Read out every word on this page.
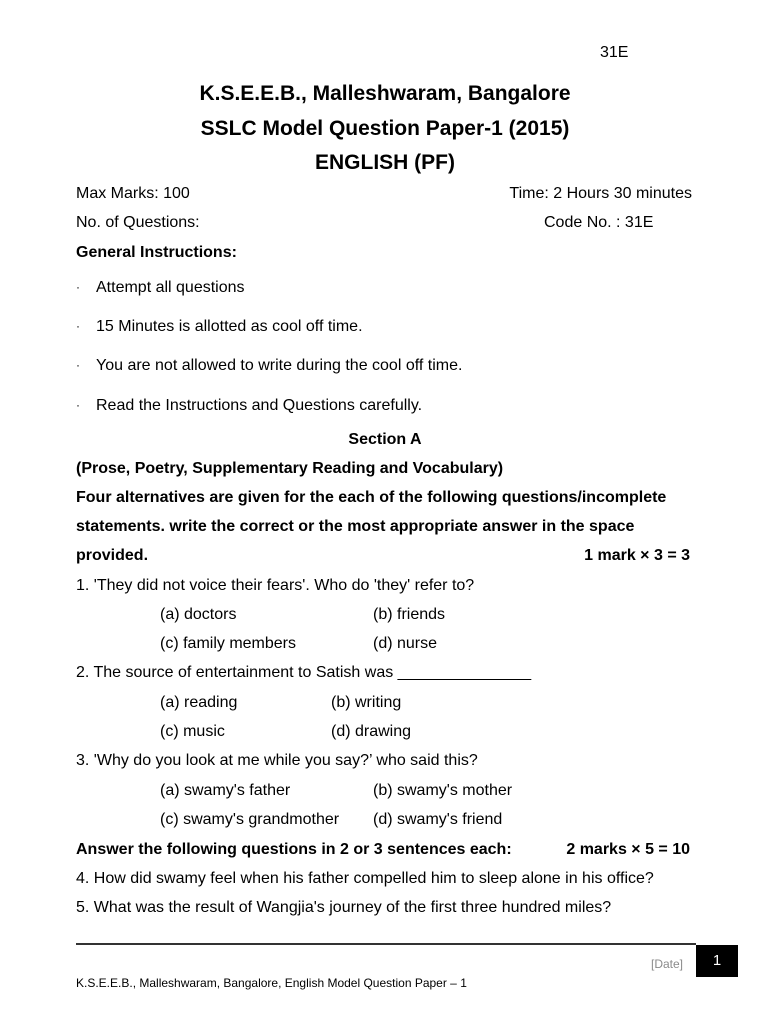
31E
K.S.E.E.B., Malleshwaram, Bangalore
SSLC Model Question Paper-1 (2015)
ENGLISH (PF)
Max Marks: 100	Time: 2 Hours 30 minutes
No. of Questions:	Code No. : 31E
General Instructions:
· Attempt all questions
· 15 Minutes is allotted as cool off time.
· You are not allowed to write during the cool off time.
· Read the Instructions and Questions carefully.
Section A
(Prose, Poetry, Supplementary Reading and Vocabulary)
Four alternatives are given for the each of the following questions/incomplete
statements. write the correct or the most appropriate answer in the space
provided.	1 mark × 3 = 3
1. 'They did not voice their fears'. Who do 'they' refer to?
(a) doctors	(b) friends
(c) family members	(d) nurse
2. The source of entertainment to Satish was _______________
(a) reading	(b) writing
(c) music	(d) drawing
3. 'Why do you look at me while you say?’ who said this?
(a) swamy's father	(b) swamy's mother
(c) swamy's grandmother (d) swamy's friend
Answer the following questions in 2 or 3 sentences each:	2 marks × 5 = 10
4. How did swamy feel when his father compelled him to sleep alone in his office?
5. What was the result of Wangjia's journey of the first three hundred miles?
[Date]	1
K.S.E.E.B., Malleshwaram, Bangalore, English Model Question Paper – 1
